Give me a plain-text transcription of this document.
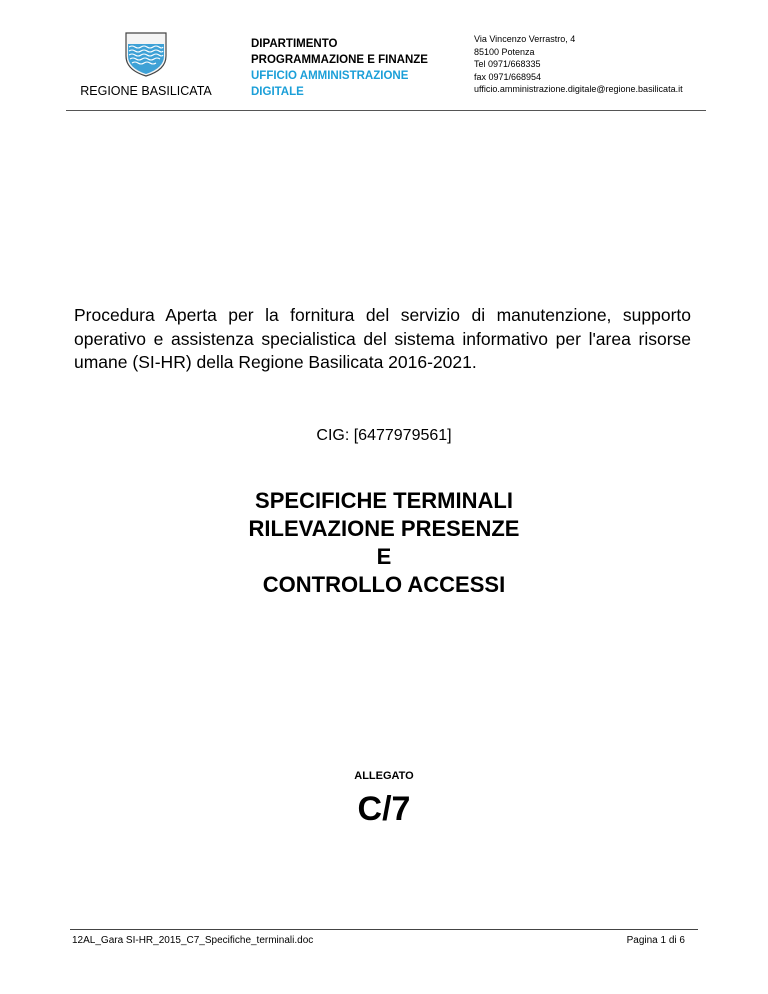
REGIONE BASILICATA
DIPARTIMENTO
PROGRAMMAZIONE E FINANZE
UFFICIO AMMINISTRAZIONE
DIGITALE
Via Vincenzo Verrastro, 4
85100 Potenza
Tel 0971/668335
fax 0971/668954
ufficio.amministrazione.digitale@regione.basilicata.it
Procedura Aperta per la fornitura del servizio di manutenzione, supporto operativo e assistenza specialistica del sistema informativo per l'area risorse umane (SI-HR) della Regione Basilicata 2016-2021.
CIG: [6477979561]
SPECIFICHE TERMINALI
RILEVAZIONE PRESENZE
E
CONTROLLO ACCESSI
ALLEGATO
C/7
12AL_Gara SI-HR_2015_C7_Specifiche_terminali.doc	Pagina 1 di 6
